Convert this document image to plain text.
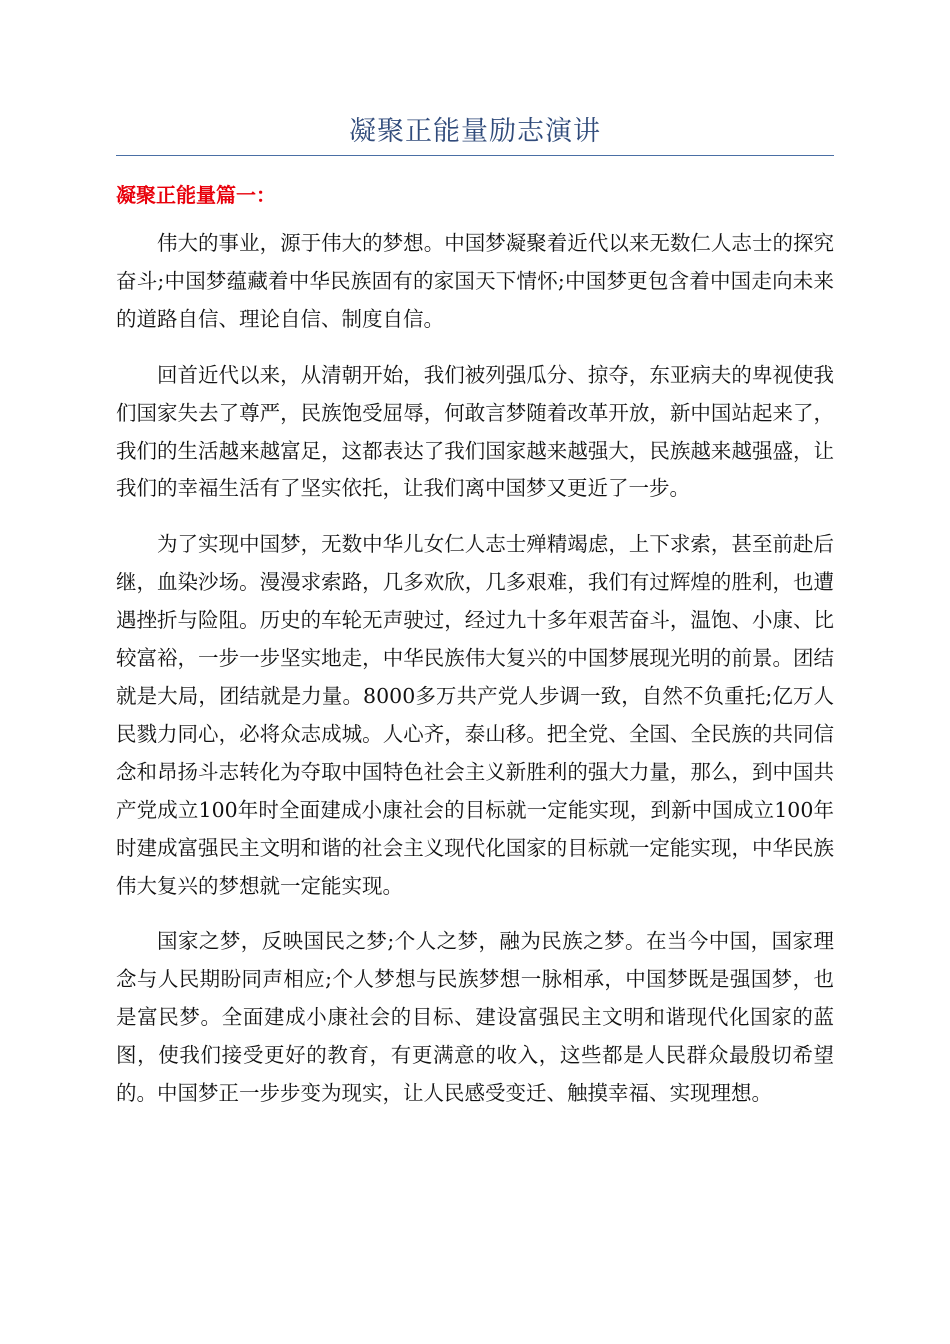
凝聚正能量励志演讲
凝聚正能量篇一：

伟大的事业，源于伟大的梦想。中国梦凝聚着近代以来无数仁人志士的探究奋斗;中国梦蕴藏着中华民族固有的家国天下情怀;中国梦更包含着中国走向未来的道路自信、理论自信、制度自信。

回首近代以来，从清朝开始，我们被列强瓜分、掠夺，东亚病夫的卑视使我们国家失去了尊严，民族饱受屈辱，何敢言梦随着改革开放，新中国站起来了，我们的生活越来越富足，这都表达了我们国家越来越强大，民族越来越强盛，让我们的幸福生活有了坚实依托，让我们离中国梦又更近了一步。

为了实现中国梦，无数中华儿女仁人志士殚精竭虑，上下求索，甚至前赴后继，血染沙场。漫漫求索路，几多欢欣，几多艰难，我们有过辉煌的胜利，也遭遇挫折与险阻。历史的车轮无声驶过，经过九十多年艰苦奋斗，温饱、小康、比较富裕，一步一步坚实地走，中华民族伟大复兴的中国梦展现光明的前景。团结就是大局，团结就是力量。8000多万共产党人步调一致，自然不负重托;亿万人民戮力同心，必将众志成城。人心齐，泰山移。把全党、全国、全民族的共同信念和昂扬斗志转化为夺取中国特色社会主义新胜利的强大力量，那么，到中国共产党成立100年时全面建成小康社会的目标就一定能实现，到新中国成立100年时建成富强民主文明和谐的社会主义现代化国家的目标就一定能实现，中华民族伟大复兴的梦想就一定能实现。

国家之梦，反映国民之梦;个人之梦，融为民族之梦。在当今中国，国家理念与人民期盼同声相应;个人梦想与民族梦想一脉相承，中国梦既是强国梦，也是富民梦。全面建成小康社会的目标、建设富强民主文明和谐现代化国家的蓝图，使我们接受更好的教育，有更满意的收入，这些都是人民群众最殷切希望的。中国梦正一步步变为现实，让人民感受变迁、触摸幸福、实现理想。
